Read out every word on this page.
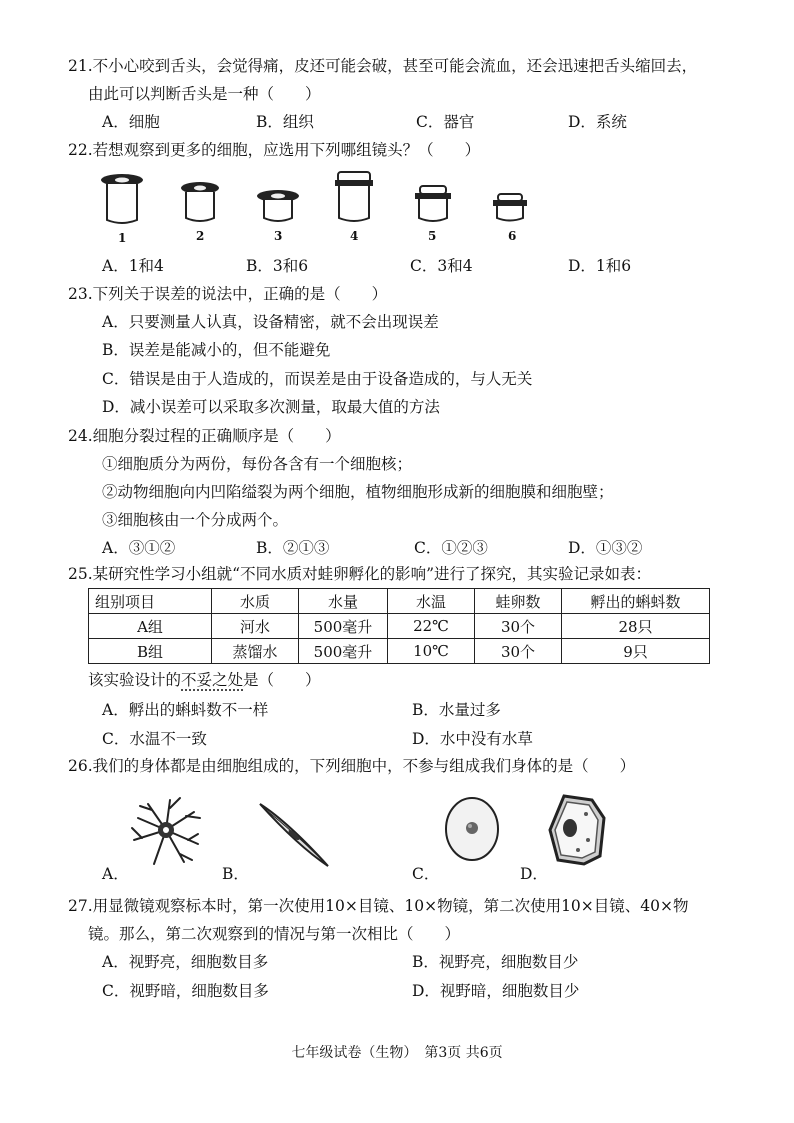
21.不小心咬到舌头，会觉得痛，皮还可能会破，甚至可能会流血，还会迅速把舌头缩回去，
由此可以判断舌头是一种（　　）
A．细胞	B．组织	C．器官	D．系统
22.若想观察到更多的细胞，应选用下列哪组镜头？（　　）
1	2	3	4	5	6
A．1和4	B．3和6	C．3和4	D．1和6
23.下列关于误差的说法中，正确的是（　　）
A．只要测量人认真，设备精密，就不会出现误差
B．误差是能减小的，但不能避免
C．错误是由于人造成的，而误差是由于设备造成的，与人无关
D．减小误差可以采取多次测量，取最大值的方法
24.细胞分裂过程的正确顺序是（　　）
①细胞质分为两份，每份各含有一个细胞核；
②动物细胞向内凹陷缢裂为两个细胞，植物细胞形成新的细胞膜和细胞壁；
③细胞核由一个分成两个。
A．③①②	B．②①③	C．①②③	D．①③②
25.某研究性学习小组就“不同水质对蛙卵孵化的影响”进行了探究，其实验记录如表：
组别项目	水质	水量	水温	蛙卵数	孵出的蝌蚪数
A组	河水	500毫升	22℃	30个	28只
B组	蒸馏水	500毫升	10℃	30个	9只
该实验设计的不妥之处是（　　）
A．孵出的蝌蚪数不一样	B．水量过多
C．水温不一致	D．水中没有水草
26.我们的身体都是由细胞组成的，下列细胞中，不参与组成我们身体的是（　　）
A．	B．	C．	D．
27.用显微镜观察标本时，第一次使用10×目镜、10×物镜，第二次使用10×目镜、40×物
镜。那么，第二次观察到的情况与第一次相比（　　）
A．视野亮，细胞数目多	B．视野亮，细胞数目少
C．视野暗，细胞数目多	D．视野暗，细胞数目少
七年级试卷（生物）　第3页 共6页
